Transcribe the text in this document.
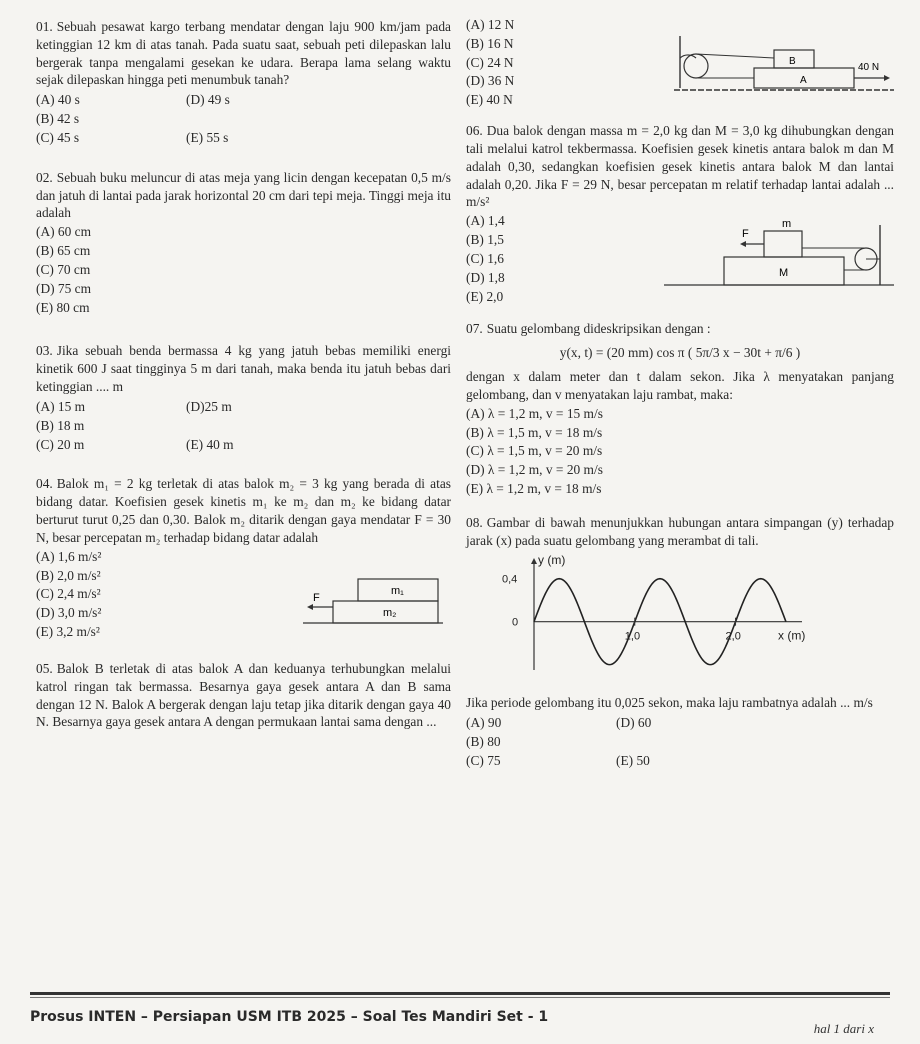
01. Sebuah pesawat kargo terbang mendatar dengan laju 900 km/jam pada ketinggian 12 km di atas tanah. Pada suatu saat, sebuah peti dilepaskan lalu bergerak tanpa mengalami gesekan ke udara. Berapa lama selang waktu sejak dilepaskan hingga peti menumbuk tanah?
(A) 40 s	(D) 49 s
(B) 42 s
(C) 45 s	(E) 55 s
02. Sebuah buku meluncur di atas meja yang licin dengan kecepatan 0,5 m/s dan jatuh di lantai pada jarak horizontal 20 cm dari tepi meja. Tinggi meja itu adalah
(A) 60 cm
(B) 65 cm
(C) 70 cm
(D) 75 cm
(E) 80 cm
03. Jika sebuah benda bermassa 4 kg yang jatuh bebas memiliki energi kinetik 600 J saat tingginya 5 m dari tanah, maka benda itu jatuh bebas dari ketinggian .... m
(A) 15 m	(D)25 m
(B) 18 m
(C) 20 m	(E) 40 m
04. Balok m₁ = 2 kg terletak di atas balok m₂ = 3 kg yang berada di atas bidang datar. Koefisien gesek kinetis m₁ ke m₂ dan m₂ ke bidang datar berturut turut 0,25 dan 0,30. Balok m₂ ditarik dengan gaya mendatar F = 30 N, besar percepatan m₂ terhadap bidang datar adalah
(A) 1,6 m/s²
(B) 2,0 m/s²
(C) 2,4 m/s²
(D) 3,0 m/s²
(E) 3,2 m/s²
m₁
m₂
F
05. Balok B terletak di atas balok A dan keduanya terhubungkan melalui katrol ringan tak bermassa. Besarnya gaya gesek antara A dan B sama dengan 12 N. Balok A bergerak dengan laju tetap jika ditarik dengan gaya 40 N. Besarnya gaya gesek antara A dengan permukaan lantai sama dengan ...
(A) 12 N
(B) 16 N
(C) 24 N
(D) 36 N
(E) 40 N
B
A
40 N
06. Dua balok dengan massa m = 2,0 kg dan M = 3,0 kg dihubungkan dengan tali melalui katrol tekbermassa. Koefisien gesek kinetis antara balok m dan M adalah 0,30, sedangkan koefisien gesek kinetis antara balok M dan lantai adalah 0,20. Jika F = 29 N, besar percepatan m relatif terhadap lantai adalah ... m/s²
(A) 1,4
(B) 1,5
(C) 1,6
(D) 1,8
(E) 2,0
m
M
F
07. Suatu gelombang dideskripsikan dengan :
y(x, t) = (20 mm) cos π ( 5π/3 x − 30t + π/6 )
dengan x dalam meter dan t dalam sekon. Jika λ menyatakan panjang gelombang, dan v menyatakan laju rambat, maka:
(A) λ = 1,2 m, v = 15 m/s
(B) λ = 1,5 m, v = 18 m/s
(C) λ = 1,5 m, v = 20 m/s
(D) λ = 1,2 m, v = 20 m/s
(E) λ = 1,2 m, v = 18 m/s
08. Gambar di bawah menunjukkan hubungan antara simpangan (y) terhadap jarak (x) pada suatu gelombang yang merambat di tali.
1,0	2,0
0,4
0
y (m)
x (m)
Jika periode gelombang itu 0,025 sekon, maka laju rambatnya adalah ... m/s
(A) 90	(D) 60
(B) 80
(C) 75	(E) 50
Prosus INTEN – Persiapan USM ITB 2025 – Soal Tes Mandiri Set - 1
hal 1 dari x
